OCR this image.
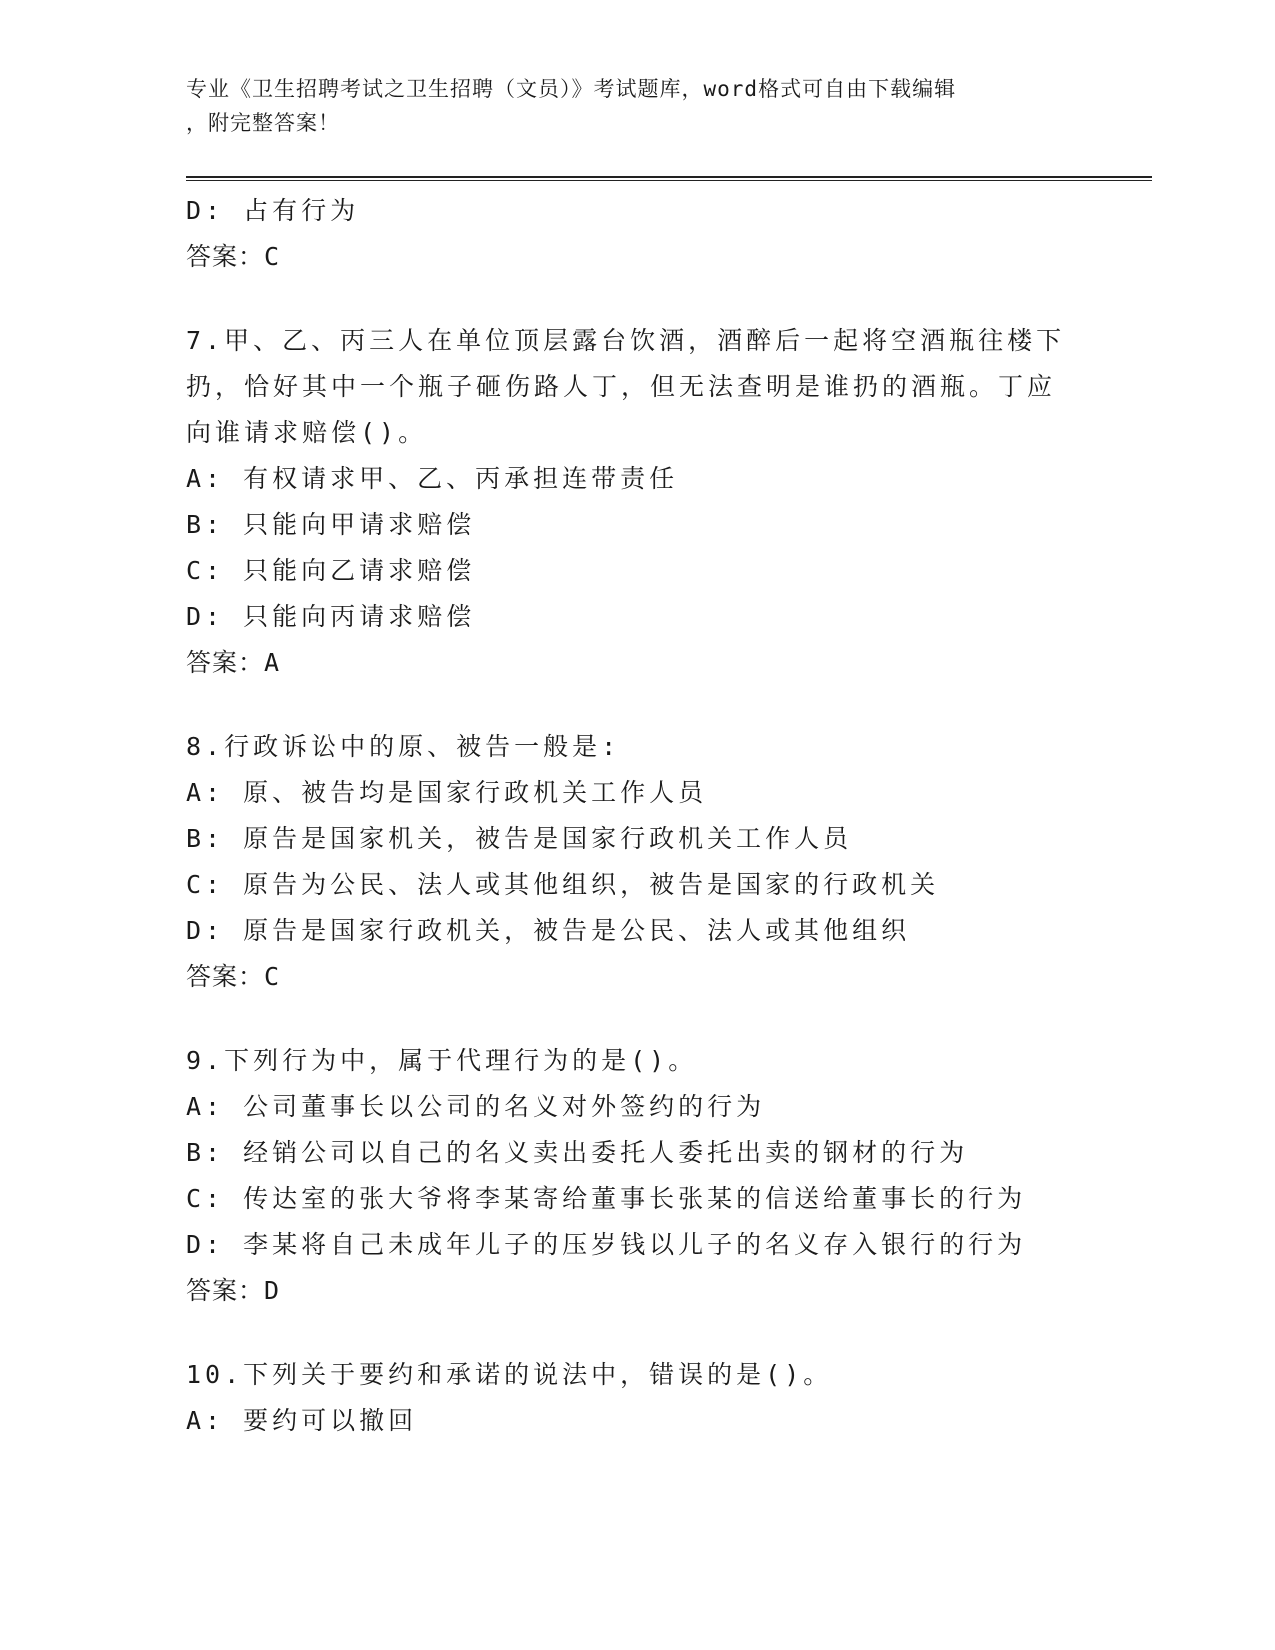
专业《卫生招聘考试之卫生招聘（文员）》考试题库，word格式可自由下载编辑
，附完整答案！
D: 占有行为
答案：C
7.甲、乙、丙三人在单位顶层露台饮酒，酒醉后一起将空酒瓶往楼下
扔，恰好其中一个瓶子砸伤路人丁，但无法查明是谁扔的酒瓶。丁应
向谁请求赔偿()。
A: 有权请求甲、乙、丙承担连带责任
B: 只能向甲请求赔偿
C: 只能向乙请求赔偿
D: 只能向丙请求赔偿
答案：A
8.行政诉讼中的原、被告一般是:
A: 原、被告均是国家行政机关工作人员
B: 原告是国家机关，被告是国家行政机关工作人员
C: 原告为公民、法人或其他组织，被告是国家的行政机关
D: 原告是国家行政机关，被告是公民、法人或其他组织
答案：C
9.下列行为中，属于代理行为的是()。
A: 公司董事长以公司的名义对外签约的行为
B: 经销公司以自己的名义卖出委托人委托出卖的钢材的行为
C: 传达室的张大爷将李某寄给董事长张某的信送给董事长的行为
D: 李某将自己未成年儿子的压岁钱以儿子的名义存入银行的行为
答案：D
10.下列关于要约和承诺的说法中，错误的是()。
A: 要约可以撤回
